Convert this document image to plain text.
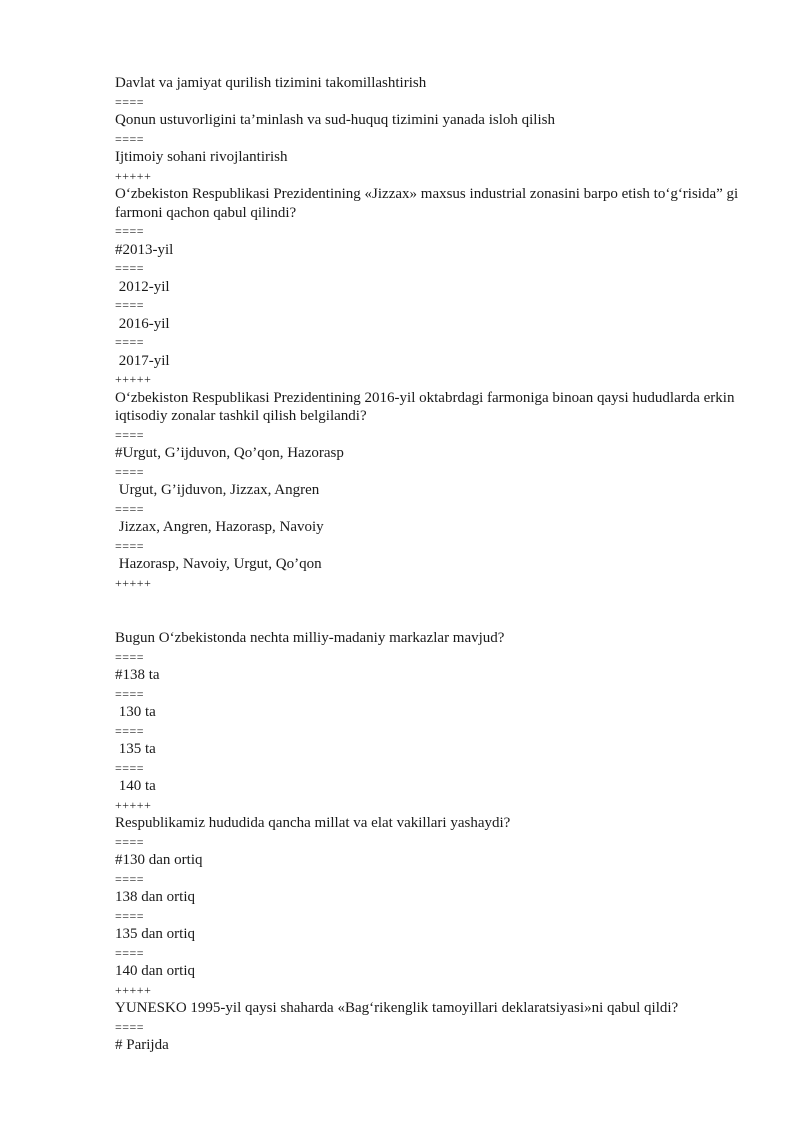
Davlat va jamiyat qurilish tizimini takomillashtirish
====
Qonun ustuvorligini ta’minlash va sud-huquq tizimini yanada isloh qilish
====
Ijtimoiy sohani rivojlantirish
+++++
O‘zbekiston Respublikasi Prezidentining «Jizzax» maxsus industrial zonasini barpo etish to‘g‘risida” gi farmoni qachon qabul qilindi?
====
#2013-yil
====
2012-yil
====
2016-yil
====
2017-yil
+++++
O‘zbekiston Respublikasi Prezidentining 2016-yil oktabrdagi farmoniga binoan qaysi hududlarda erkin iqtisodiy zonalar tashkil qilish belgilandi?
====
#Urgut, G’ijduvon, Qo’qon, Hazorasp
====
Urgut, G’ijduvon, Jizzax, Angren
====
Jizzax, Angren, Hazorasp, Navoiy
====
Hazorasp, Navoiy, Urgut, Qo’qon
+++++
Bugun O‘zbekistonda nechta milliy-madaniy markazlar mavjud?
====
#138 ta
====
130 ta
====
135 ta
====
140 ta
+++++
Respublikamiz hududida qancha millat va elat vakillari yashaydi?
====
#130 dan ortiq
====
138 dan ortiq
====
135 dan ortiq
====
140 dan ortiq
+++++
YUNESKO 1995-yil qaysi shaharda «Bag‘rikenglik tamoyillari deklaratsiyasi»ni qabul qildi?
====
# Parijda
